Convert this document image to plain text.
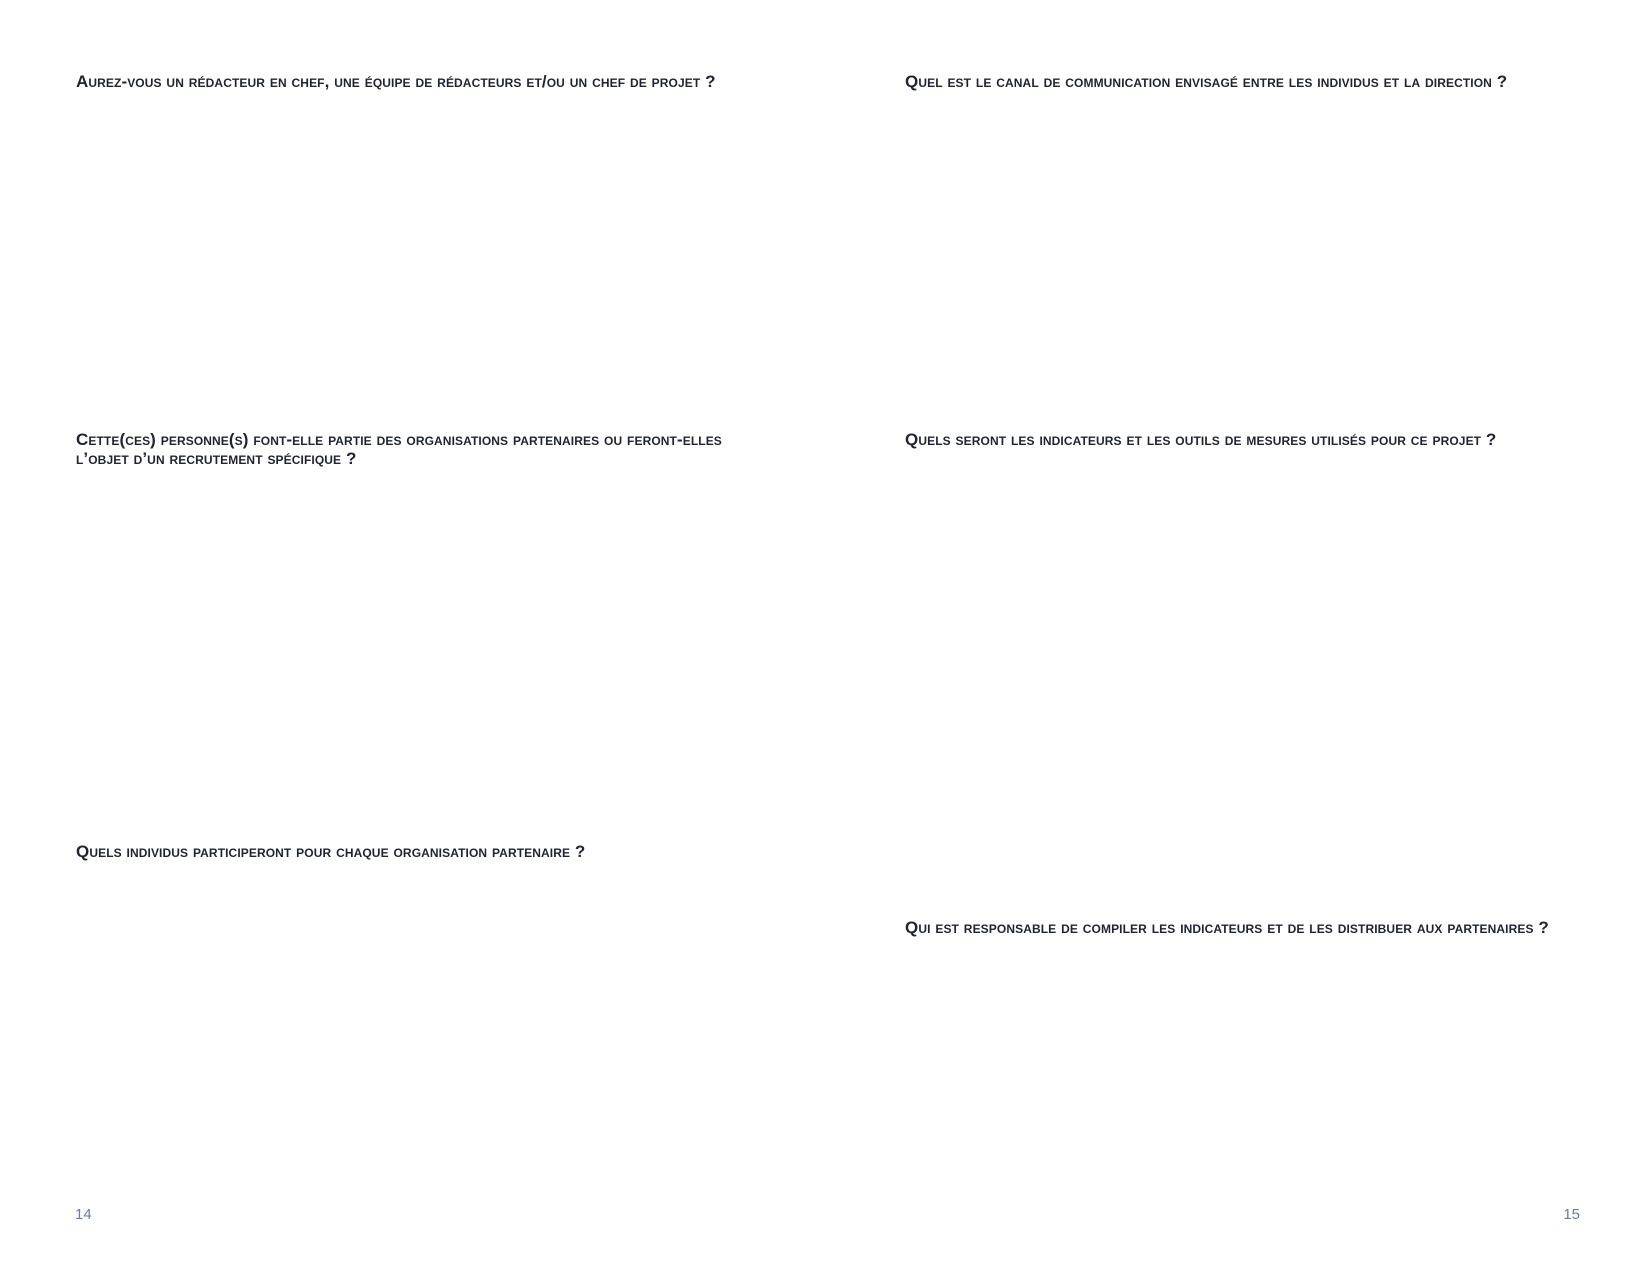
Aurez-vous un rédacteur en chef, une équipe de rédacteurs et/ou un chef de projet ?
Cette(ces) personne(s) font-elle partie des organisations partenaires ou feront-elles l’objet d’un recrutement spécifique ?
Quels individus participeront pour chaque organisation partenaire ?

14

Quel est le canal de communication envisagé entre les individus et la direction ?
Quels seront les indicateurs et les outils de mesures utilisés pour ce projet ?
Qui est responsable de compiler les indicateurs et de les distribuer aux partenaires ?

15
